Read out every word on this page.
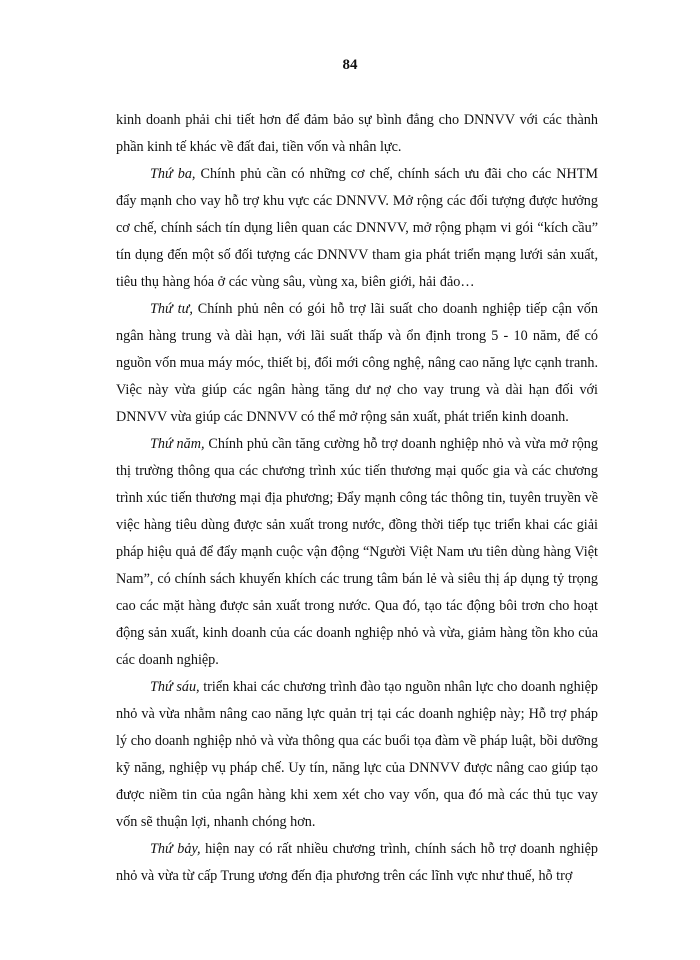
84

kinh doanh phải chi tiết hơn để đảm bảo sự bình đẳng cho DNNVV với các thành phần kinh tế khác về đất đai, tiền vốn và nhân lực.

Thứ ba, Chính phủ cần có những cơ chế, chính sách ưu đãi cho các NHTM đẩy mạnh cho vay hỗ trợ khu vực các DNNVV. Mở rộng các đối tượng được hưởng cơ chế, chính sách tín dụng liên quan các DNNVV, mở rộng phạm vi gói “kích cầu” tín dụng đến một số đối tượng các DNNVV tham gia phát triển mạng lưới sản xuất, tiêu thụ hàng hóa ở các vùng sâu, vùng xa, biên giới, hải đảo…

Thứ tư, Chính phủ nên có gói hỗ trợ lãi suất cho doanh nghiệp tiếp cận vốn ngân hàng trung và dài hạn, với lãi suất thấp và ổn định trong 5 - 10 năm, để có nguồn vốn mua máy móc, thiết bị, đổi mới công nghệ, nâng cao năng lực cạnh tranh. Việc này vừa giúp các ngân hàng tăng dư nợ cho vay trung và dài hạn đối với DNNVV vừa giúp các DNNVV có thể mở rộng sản xuất, phát triển kinh doanh.

Thứ năm, Chính phủ cần tăng cường hỗ trợ doanh nghiệp nhỏ và vừa mở rộng thị trường thông qua các chương trình xúc tiến thương mại quốc gia và các chương trình xúc tiến thương mại địa phương; Đẩy mạnh công tác thông tin, tuyên truyền về việc hàng tiêu dùng được sản xuất trong nước, đồng thời tiếp tục triển khai các giải pháp hiệu quả để đẩy mạnh cuộc vận động “Người Việt Nam ưu tiên dùng hàng Việt Nam”, có chính sách khuyến khích các trung tâm bán lẻ và siêu thị áp dụng tỷ trọng cao các mặt hàng được sản xuất trong nước. Qua đó, tạo tác động bôi trơn cho hoạt động sản xuất, kinh doanh của các doanh nghiệp nhỏ và vừa, giảm hàng tồn kho của các doanh nghiệp.

Thứ sáu, triển khai các chương trình đào tạo nguồn nhân lực cho doanh nghiệp nhỏ và vừa nhằm nâng cao năng lực quản trị tại các doanh nghiệp này; Hỗ trợ pháp lý cho doanh nghiệp nhỏ và vừa thông qua các buổi tọa đàm về pháp luật, bồi dưỡng kỹ năng, nghiệp vụ pháp chế. Uy tín, năng lực của DNNVV được nâng cao giúp tạo được niềm tin của ngân hàng khi xem xét cho vay vốn, qua đó mà các thủ tục vay vốn sẽ thuận lợi, nhanh chóng hơn.

Thứ bảy, hiện nay có rất nhiều chương trình, chính sách hỗ trợ doanh nghiệp nhỏ và vừa từ cấp Trung ương đến địa phương trên các lĩnh vực như thuế, hỗ trợ
